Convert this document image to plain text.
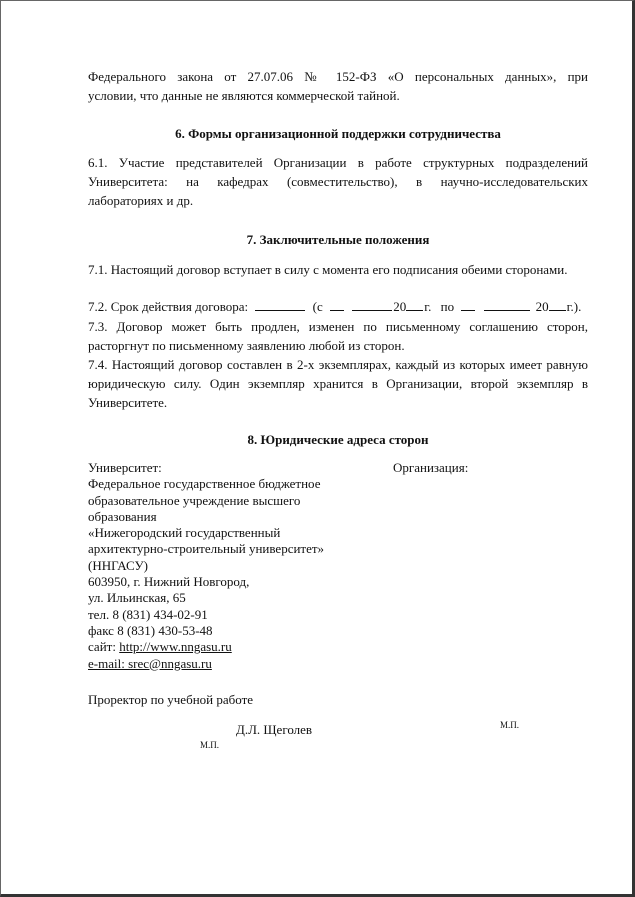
Федерального закона от 27.07.06 № 152-ФЗ «О персональных данных», при
условии, что данные не являются коммерческой тайной.
6. Формы организационной поддержки сотрудничества
6.1. Участие представителей Организации в работе структурных подразделений Университета: на кафедрах (совместительство), в научно-исследовательских лабораториях и др.
7. Заключительные положения
7.1. Настоящий договор вступает в силу с момента его подписания обеими сторонами.
7.2. Срок действия договора:	(с	20 г. по	20 г.).
7.3. Договор может быть продлен, изменен по письменному соглашению сторон, расторгнут по письменному заявлению любой из сторон.
7.4. Настоящий договор составлен в 2-х экземплярах, каждый из которых имеет равную юридическую силу. Один экземпляр хранится в Организации, второй экземпляр в Университете.
8. Юридические адреса сторон
Университет:
Федеральное государственное бюджетное
образовательное учреждение высшего
образования
«Нижегородский государственный
архитектурно-строительный университет»
(ННГАСУ)
603950, г. Нижний Новгород,
ул. Ильинская, 65
тел. 8 (831) 434-02-91
факс 8 (831) 430-53-48
сайт: http://www.nngasu.ru
e-mail: srec@nngasu.ru
Организация:
Проректор по учебной работе
Д.Л. Щеголев
М.П.
М.П.
